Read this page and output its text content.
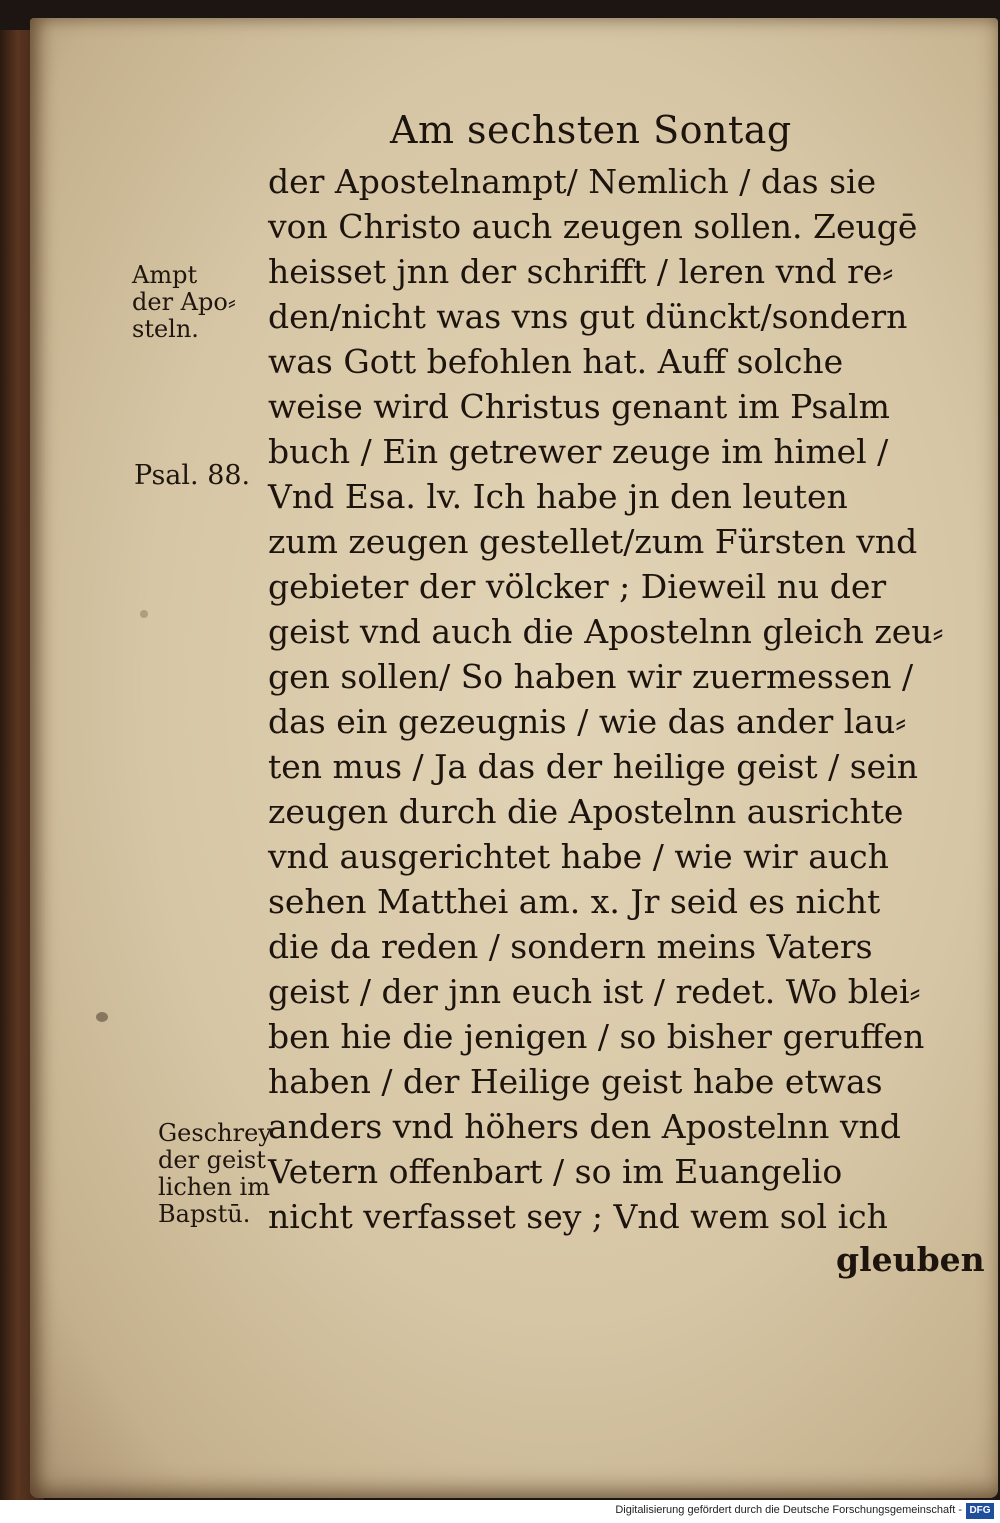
Am sechsten Sontag
der Apostelnampt/ Nemlich / das sie
von Christo auch zeugen sollen. Zeugē
heisset jnn der schrifft / leren vnd re⸗
den/nicht was vns gut dünckt/sondern
was Gott befohlen hat. Auff solche
weise wird Christus genant im Psalm
buch / Ein getrewer zeuge im himel /
Vnd Esa. lv. Ich habe jn den leuten
zum zeugen gestellet/zum Fürsten vnd
gebieter der völcker ; Dieweil nu der
geist vnd auch die Apostelnn gleich zeu⸗
gen sollen/ So haben wir zuermessen /
das ein gezeugnis / wie das ander lau⸗
ten mus / Ja das der heilige geist / sein
zeugen durch die Apostelnn ausrichte
vnd ausgerichtet habe / wie wir auch
sehen Matthei am. x. Jr seid es nicht
die da reden / sondern meins Vaters
geist / der jnn euch ist / redet. Wo blei⸗
ben hie die jenigen / so bisher geruffen
haben / der Heilige geist habe etwas
anders vnd höhers den Apostelnn vnd
Vetern offenbart / so im Euangelio
nicht verfasset sey ; Vnd wem sol ich
Ampt
der Apo⸗
steln.
Psal. 88.
Geschrey
der geist
lichen im
Bapstū.
gleuben
Digitalisierung gefördert durch die Deutsche Forschungsgemeinschaft - DFG
